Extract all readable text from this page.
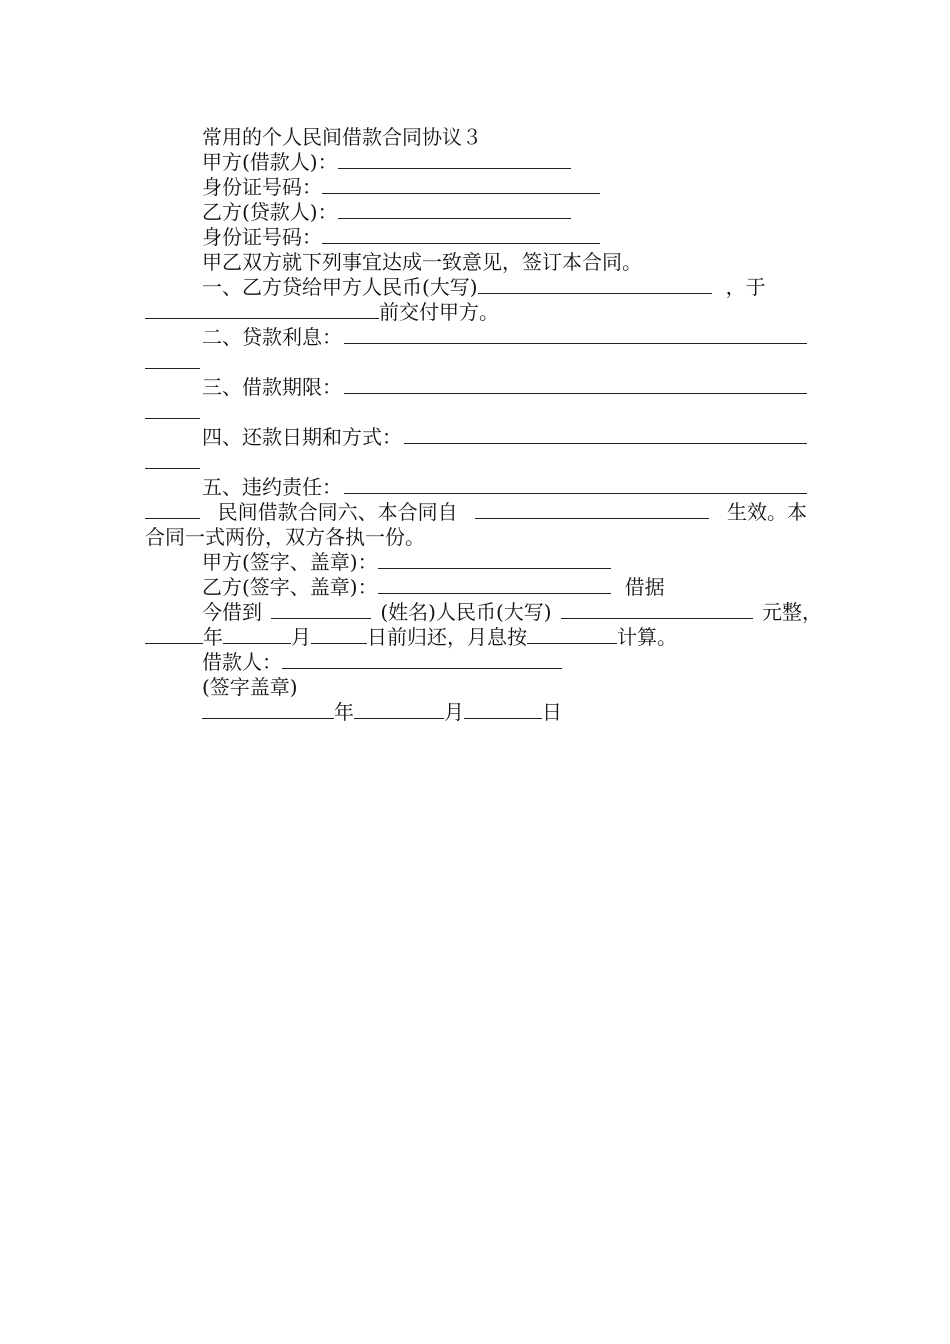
常用的个人民间借款合同协议３
甲方(借款人)：
身份证号码：
乙方(贷款人)：
身份证号码：
甲乙双方就下列事宜达成一致意见，签订本合同。
一、乙方贷给甲方人民币(大写)	，于
前交付甲方。
二、贷款利息：
三、借款期限：
四、还款日期和方式：
五、违约责任：
民间借款合同六、本合同自	生效。本
合同一式两份，双方各执一份。
甲方(签字、盖章)：
乙方(签字、盖章)：	借据
今借到	(姓名)人民币(大写)	元整，
年	月	日前归还，月息按	计算。
借款人：
(签字盖章)
年	月	日
